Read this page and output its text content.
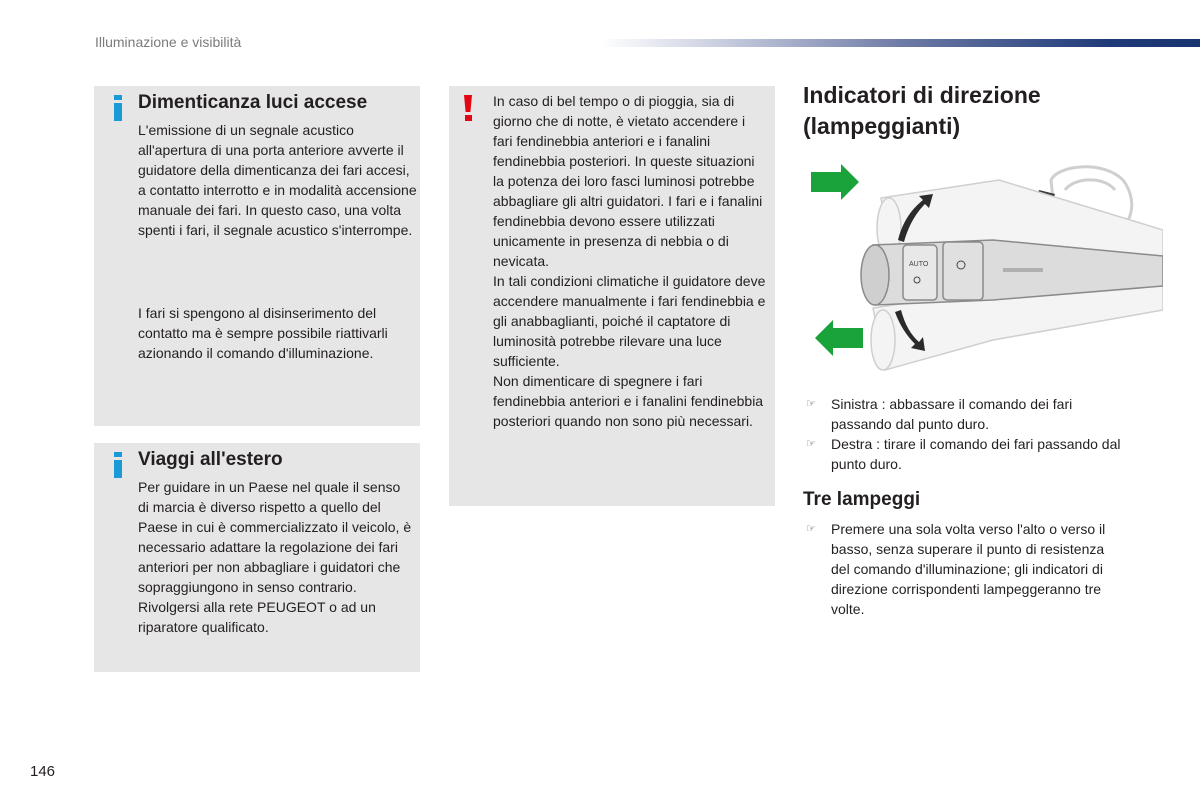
Illuminazione e visibilità
Dimenticanza luci accese

L'emissione di un segnale acustico all'apertura di una porta anteriore avverte il guidatore della dimenticanza dei fari accesi, a contatto interrotto e in modalità accensione manuale dei fari. In questo caso, una volta spenti i fari, il segnale acustico s'interrompe.

I fari si spengono al disinserimento del contatto ma è sempre possibile riattivarli azionando il comando d'illuminazione.

Viaggi all'estero

Per guidare in un Paese nel quale il senso di marcia è diverso rispetto a quello del Paese in cui è commercializzato il veicolo, è necessario adattare la regolazione dei fari anteriori per non abbagliare i guidatori che sopraggiungono in senso contrario. Rivolgersi alla rete PEUGEOT o ad un riparatore qualificato.

In caso di bel tempo o di pioggia, sia di giorno che di notte, è vietato accendere i fari fendinebbia anteriori e i fanalini fendinebbia posteriori. In queste situazioni la potenza dei loro fasci luminosi potrebbe abbagliare gli altri guidatori. I fari e i fanalini fendinebbia devono essere utilizzati unicamente in presenza di nebbia o di nevicata.

In tali condizioni climatiche il guidatore deve accendere manualmente i fari fendinebbia e gli anabbaglianti, poiché il captatore di luminosità potrebbe rilevare una luce sufficiente.

Non dimenticare di spegnere i fari fendinebbia anteriori e i fanalini fendinebbia posteriori quando non sono più necessari.

Indicatori di direzione
(lampeggianti)
AUTO
☞ Sinistra : abbassare il comando dei fari passando dal punto duro.
☞ Destra : tirare il comando dei fari passando dal punto duro.
Tre lampeggi
☞ Premere una sola volta verso l'alto o verso il basso, senza superare il punto di resistenza del comando d'illuminazione; gli indicatori di direzione corrispondenti lampeggeranno tre volte.
146
